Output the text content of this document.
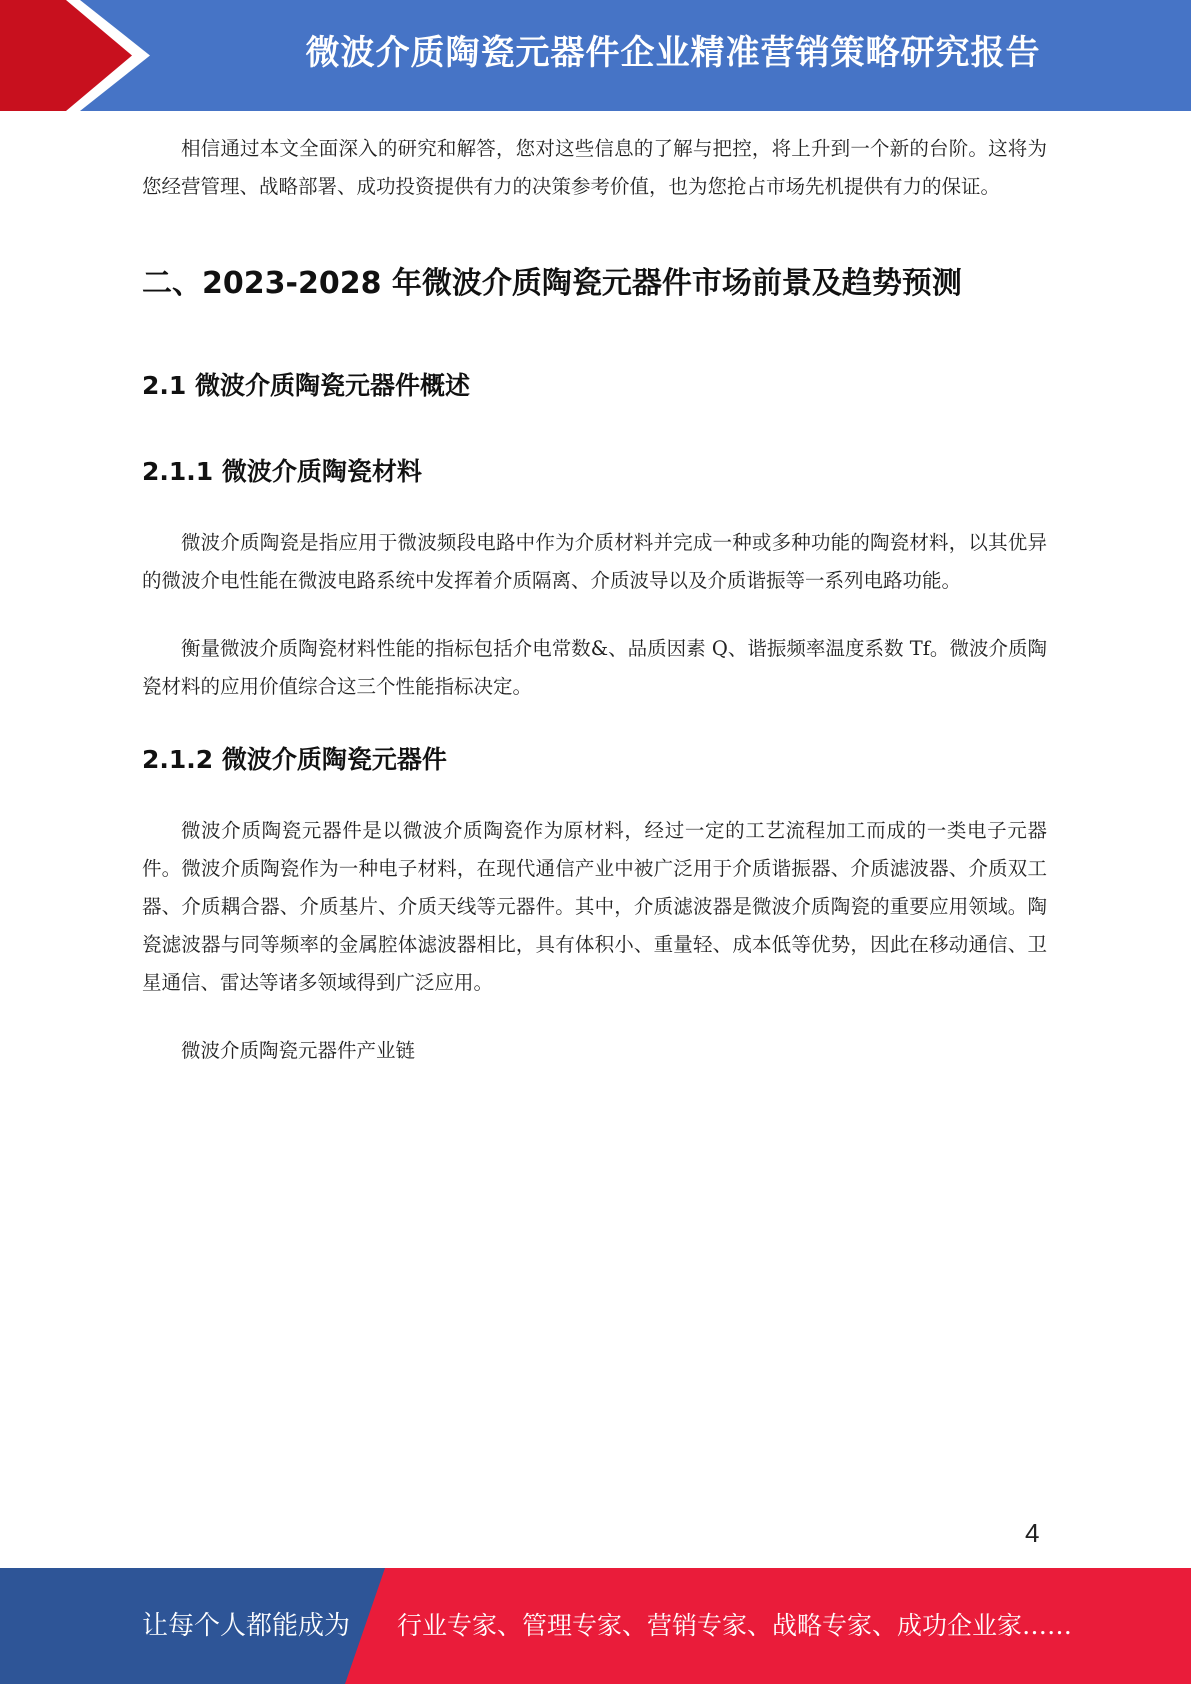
微波介质陶瓷元器件企业精准营销策略研究报告

相信通过本文全面深入的研究和解答，您对这些信息的了解与把控，将上升到一个新的台阶。这将为您经营管理、战略部署、成功投资提供有力的决策参考价值，也为您抢占市场先机提供有力的保证。

二、2023-2028 年微波介质陶瓷元器件市场前景及趋势预测
2.1 微波介质陶瓷元器件概述
2.1.1 微波介质陶瓷材料

微波介质陶瓷是指应用于微波频段电路中作为介质材料并完成一种或多种功能的陶瓷材料，以其优异的微波介电性能在微波电路系统中发挥着介质隔离、介质波导以及介质谐振等一系列电路功能。

衡量微波介质陶瓷材料性能的指标包括介电常数&、品质因素 Q、谐振频率温度系数 Tf。微波介质陶瓷材料的应用价值综合这三个性能指标决定。

2.1.2 微波介质陶瓷元器件

微波介质陶瓷元器件是以微波介质陶瓷作为原材料，经过一定的工艺流程加工而成的一类电子元器件。微波介质陶瓷作为一种电子材料，在现代通信产业中被广泛用于介质谐振器、介质滤波器、介质双工器、介质耦合器、介质基片、介质天线等元器件。其中，介质滤波器是微波介质陶瓷的重要应用领域。陶瓷滤波器与同等频率的金属腔体滤波器相比，具有体积小、重量轻、成本低等优势，因此在移动通信、卫星通信、雷达等诸多领域得到广泛应用。

微波介质陶瓷元器件产业链

4
让每个人都能成为 行业专家、管理专家、营销专家、战略专家、成功企业家……
